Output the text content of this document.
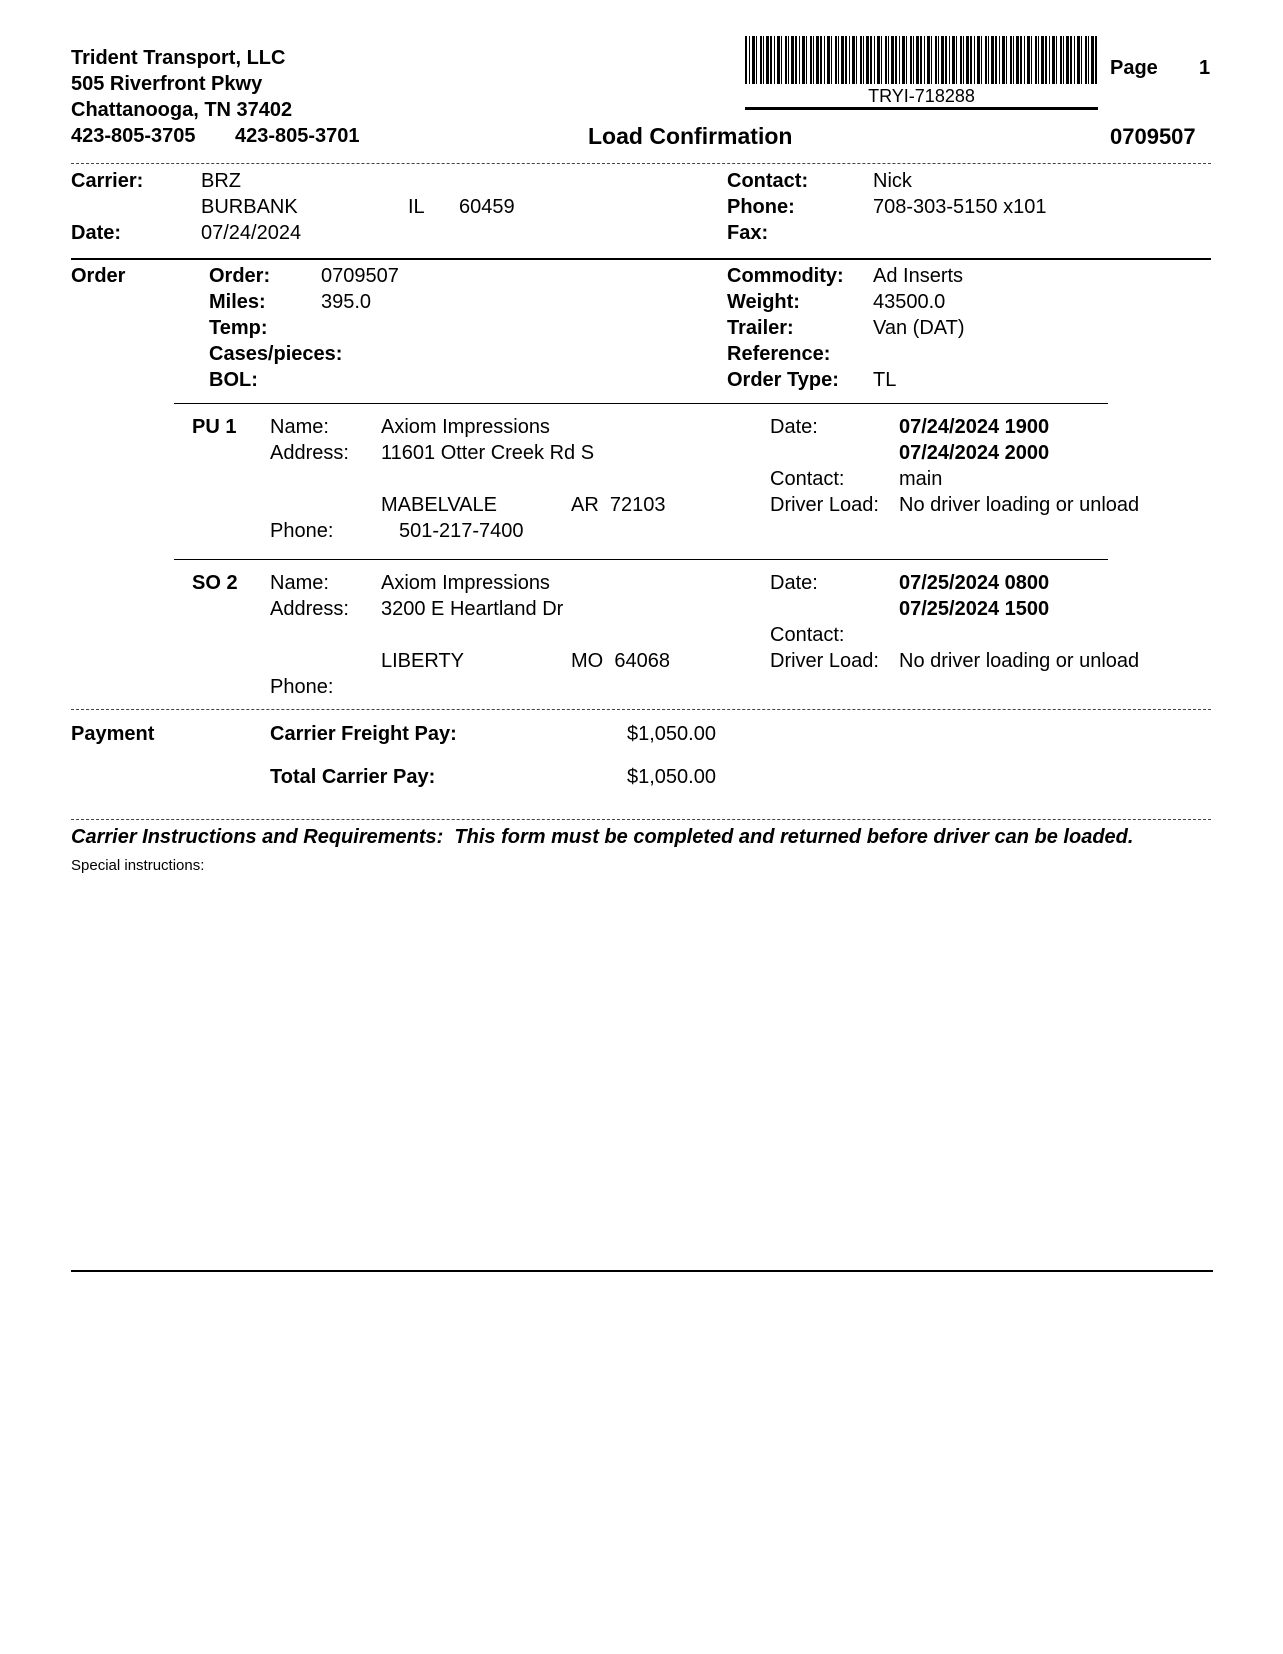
Trident Transport, LLC
505 Riverfront Pkwy
Chattanooga, TN 37402
423-805-3705 423-805-3701
TRYI-718288
Page 1
Load Confirmation	0709507
Carrier:	BRZ
BURBANK	IL 60459
Date:	07/24/2024
Contact:	Nick
Phone:	708-303-5150 x101
Fax:
Order	Order:	0709507
Miles:	395.0
Temp:
Cases/pieces:
BOL:
Commodity: Ad Inserts
Weight:	43500.0
Trailer:	Van (DAT)
Reference:
Order Type: TL
PU 1 Name:	Axiom Impressions
Address: 11601 Otter Creek Rd S
MABELVALE	AR  72103
Phone:	501-217-7400
Date:	07/24/2024 1900
07/24/2024 2000
Contact:	main
Driver Load: No driver loading or unload
SO 2 Name:	Axiom Impressions
Address: 3200 E Heartland Dr
LIBERTY	MO  64068
Phone:
Date:	07/25/2024 0800
07/25/2024 1500
Contact:
Driver Load: No driver loading or unload
Payment	Carrier Freight Pay:	$1,050.00
Total Carrier Pay:	$1,050.00
Carrier Instructions and Requirements:  This form must be completed and returned before driver can be loaded.
Special instructions:
